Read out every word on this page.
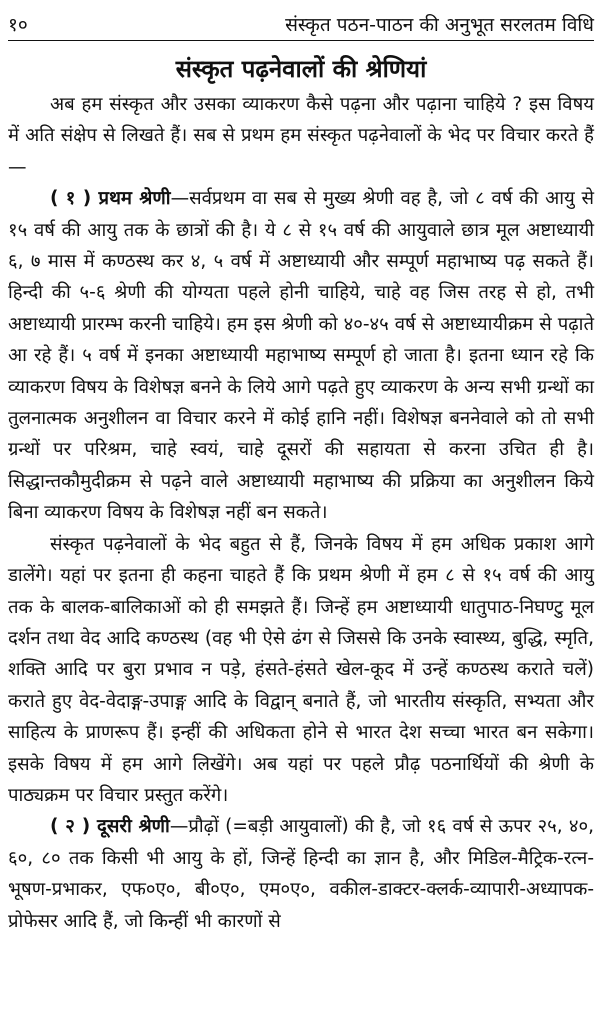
१०	संस्कृत पठन-पाठन की अनुभूत सरलतम विधि
संस्कृत पढ़नेवालों की श्रेणियां

अब हम संस्कृत और उसका व्याकरण कैसे पढ़ना और पढ़ाना चाहिये ? इस विषय में अति संक्षेप से लिखते हैं। सब से प्रथम हम संस्कृत पढ़नेवालों के भेद पर विचार करते हैं—

( १ ) प्रथम श्रेणी—सर्वप्रथम वा सब से मुख्य श्रेणी वह है, जो ८ वर्ष की आयु से १५ वर्ष की आयु तक के छात्रों की है। ये ८ से १५ वर्ष की आयुवाले छात्र मूल अष्टाध्यायी ६, ७ मास में कण्ठस्थ कर ४, ५ वर्ष में अष्टाध्यायी और सम्पूर्ण महाभाष्य पढ़ सकते हैं। हिन्दी की ५-६ श्रेणी की योग्यता पहले होनी चाहिये, चाहे वह जिस तरह से हो, तभी अष्टाध्यायी प्रारम्भ करनी चाहिये। हम इस श्रेणी को ४०-४५ वर्ष से अष्टाध्यायीक्रम से पढ़ाते आ रहे हैं। ५ वर्ष में इनका अष्टाध्यायी महाभाष्य सम्पूर्ण हो जाता है। इतना ध्यान रहे कि व्याकरण विषय के विशेषज्ञ बनने के लिये आगे पढ़ते हुए व्याकरण के अन्य सभी ग्रन्थों का तुलनात्मक अनुशीलन वा विचार करने में कोई हानि नहीं। विशेषज्ञ बननेवाले को तो सभी ग्रन्थों पर परिश्रम, चाहे स्वयं, चाहे दूसरों की सहायता से करना उचित ही है। सिद्धान्तकौमुदीक्रम से पढ़ने वाले अष्टाध्यायी महाभाष्य की प्रक्रिया का अनुशीलन किये बिना व्याकरण विषय के विशेषज्ञ नहीं बन सकते।

संस्कृत पढ़नेवालों के भेद बहुत से हैं, जिनके विषय में हम अधिक प्रकाश आगे डालेंगे। यहां पर इतना ही कहना चाहते हैं कि प्रथम श्रेणी में हम ८ से १५ वर्ष की आयु तक के बालक-बालिकाओं को ही समझते हैं। जिन्हें हम अष्टाध्यायी धातुपाठ-निघण्टु मूल दर्शन तथा वेद आदि कण्ठस्थ (वह भी ऐसे ढंग से जिससे कि उनके स्वास्थ्य, बुद्धि, स्मृति, शक्ति आदि पर बुरा प्रभाव न पड़े, हंसते-हंसते खेल-कूद में उन्हें कण्ठस्थ कराते चलें) कराते हुए वेद-वेदाङ्ग-उपाङ्ग आदि के विद्वान् बनाते हैं, जो भारतीय संस्कृति, सभ्यता और साहित्य के प्राणरूप हैं। इन्हीं की अधिकता होने से भारत देश सच्चा भारत बन सकेगा। इसके विषय में हम आगे लिखेंगे। अब यहां पर पहले प्रौढ़ पठनार्थियों की श्रेणी के पाठ्यक्रम पर विचार प्रस्तुत करेंगे।

( २ ) दूसरी श्रेणी—प्रौढ़ों (=बड़ी आयुवालों) की है, जो १६ वर्ष से ऊपर २५, ४०, ६०, ८० तक किसी भी आयु के हों, जिन्हें हिन्दी का ज्ञान है, और मिडिल-मैट्रिक-रत्न-भूषण-प्रभाकर, एफ०ए०, बी०ए०, एम०ए०, वकील-डाक्टर-क्लर्क-व्यापारी-अध्यापक-प्रोफेसर आदि हैं, जो किन्हीं भी कारणों से
